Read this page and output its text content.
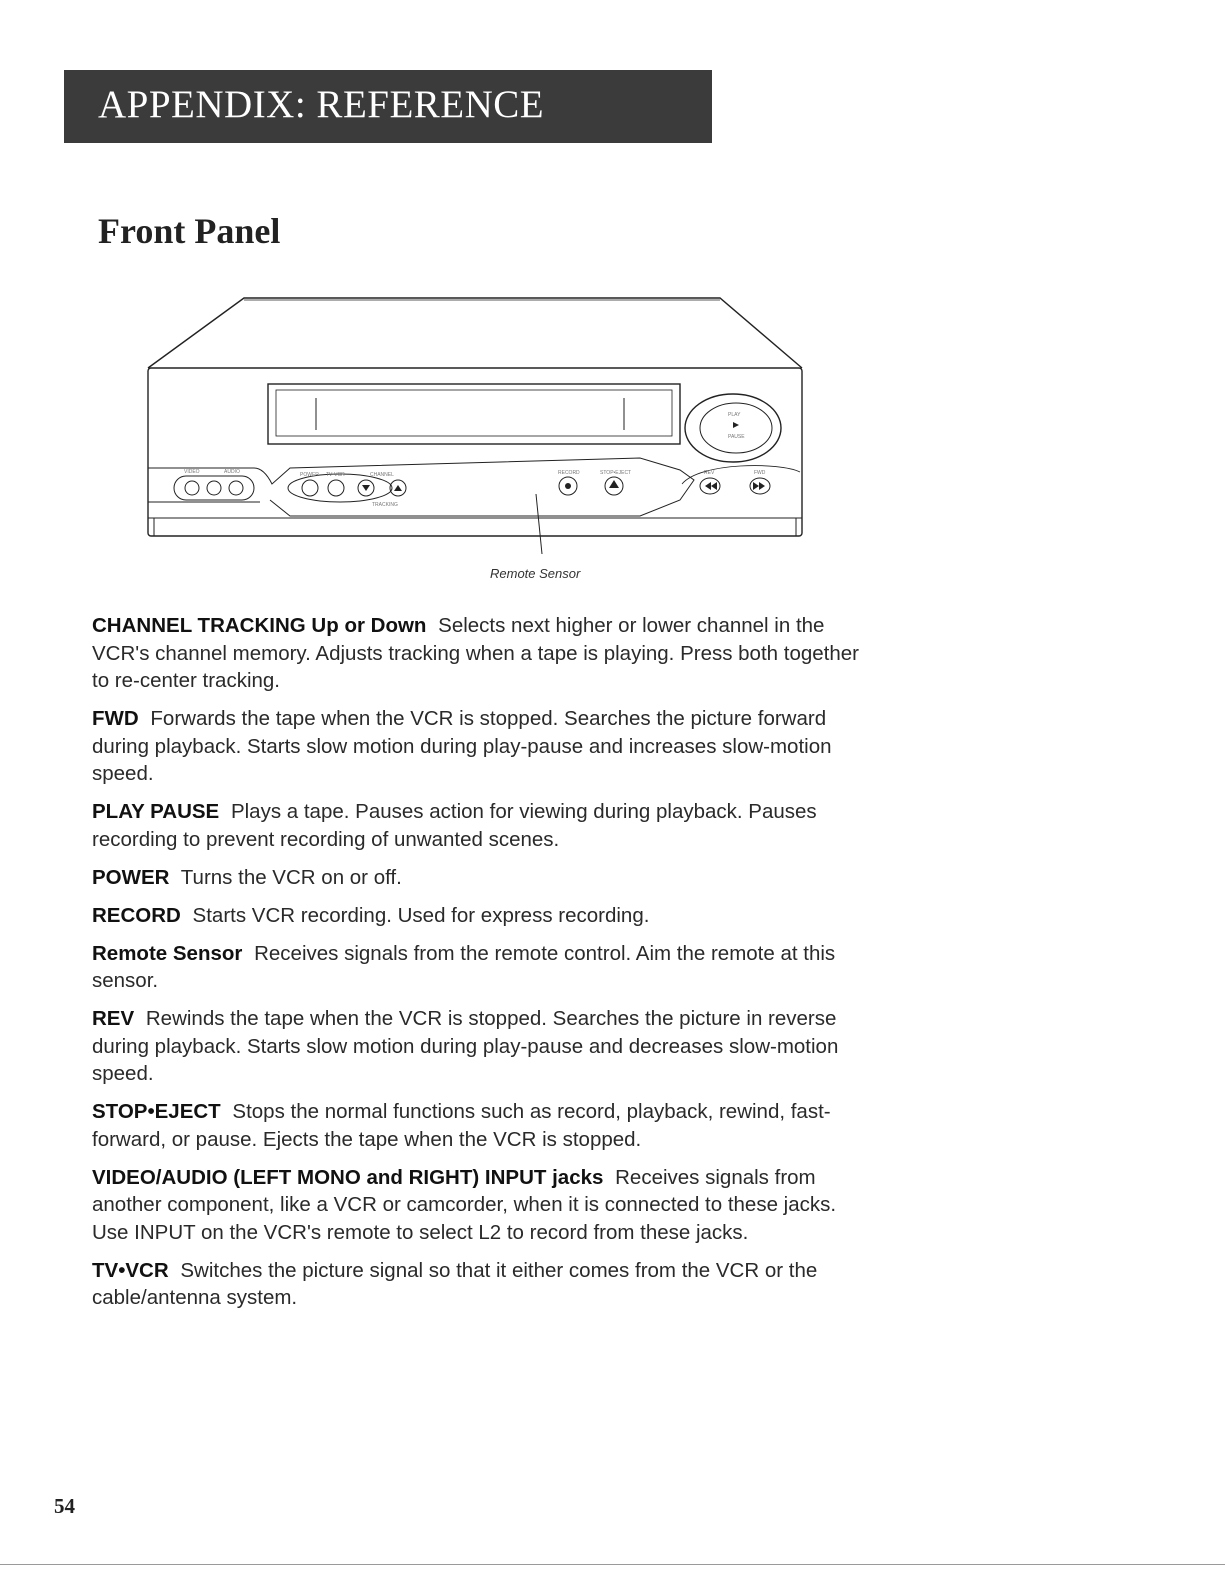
APPENDIX: REFERENCE
Front Panel
VIDEO	AUDIO	POWER TV•VCR	CHANNEL
TRACKING
RECORD	STOP•EJECT	REV	FWD
PLAY
PAUSE
Remote Sensor
CHANNEL TRACKING Up or Down Selects next higher or lower channel in the VCR's channel memory. Adjusts tracking when a tape is playing. Press both together to re-center tracking.
FWD Forwards the tape when the VCR is stopped. Searches the picture forward during playback. Starts slow motion during play-pause and increases slow-motion speed.
PLAY PAUSE Plays a tape. Pauses action for viewing during playback. Pauses recording to prevent recording of unwanted scenes.
POWER Turns the VCR on or off.
RECORD Starts VCR recording. Used for express recording.
Remote Sensor Receives signals from the remote control. Aim the remote at this sensor.
REV Rewinds the tape when the VCR is stopped. Searches the picture in reverse during playback. Starts slow motion during play-pause and decreases slow-motion speed.
STOP•EJECT Stops the normal functions such as record, playback, rewind, fast-forward, or pause. Ejects the tape when the VCR is stopped.
VIDEO/AUDIO (LEFT MONO and RIGHT) INPUT jacks Receives signals from another component, like a VCR or camcorder, when it is connected to these jacks. Use INPUT on the VCR's remote to select L2 to record from these jacks.
TV•VCR Switches the picture signal so that it either comes from the VCR or the cable/antenna system.
54
